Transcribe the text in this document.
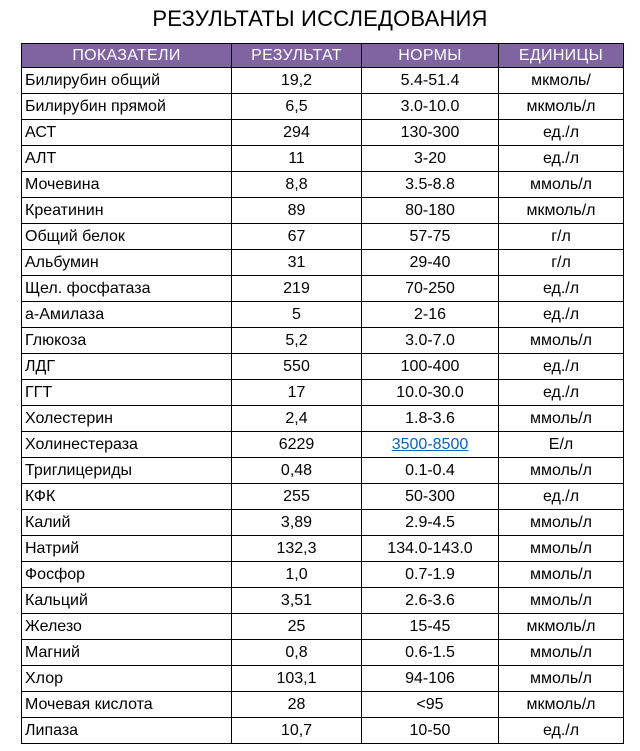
РЕЗУЛЬТАТЫ ИССЛЕДОВАНИЯ
ПОКАЗАТЕЛИ	РЕЗУЛЬТАТ	НОРМЫ	ЕДИНИЦЫ
Билирубин общий	19,2	5.4-51.4	мкмоль/
Билирубин прямой	6,5	3.0-10.0	мкмоль/л
АСТ	294	130-300	ед./л
АЛТ	11	3-20	ед./л
Мочевина	8,8	3.5-8.8	ммоль/л
Креатинин	89	80-180	мкмоль/л
Общий белок	67	57-75	г/л
Альбумин	31	29-40	г/л
Щел. фосфатаза	219	70-250	ед./л
а-Амилаза	5	2-16	ед./л
Глюкоза	5,2	3.0-7.0	ммоль/л
ЛДГ	550	100-400	ед./л
ГГТ	17	10.0-30.0	ед./л
Холестерин	2,4	1.8-3.6	ммоль/л
Холинестераза	6229	3500-8500	Е/л
Триглицериды	0,48	0.1-0.4	ммоль/л
КФК	255	50-300	ед./л
Калий	3,89	2.9-4.5	ммоль/л
Натрий	132,3	134.0-143.0	ммоль/л
Фосфор	1,0	0.7-1.9	ммоль/л
Кальций	3,51	2.6-3.6	ммоль/л
Железо	25	15-45	мкмоль/л
Магний	0,8	0.6-1.5	ммоль/л
Хлор	103,1	94-106	ммоль/л
Мочевая кислота	28	<95	мкмоль/л
Липаза	10,7	10-50	ед./л
